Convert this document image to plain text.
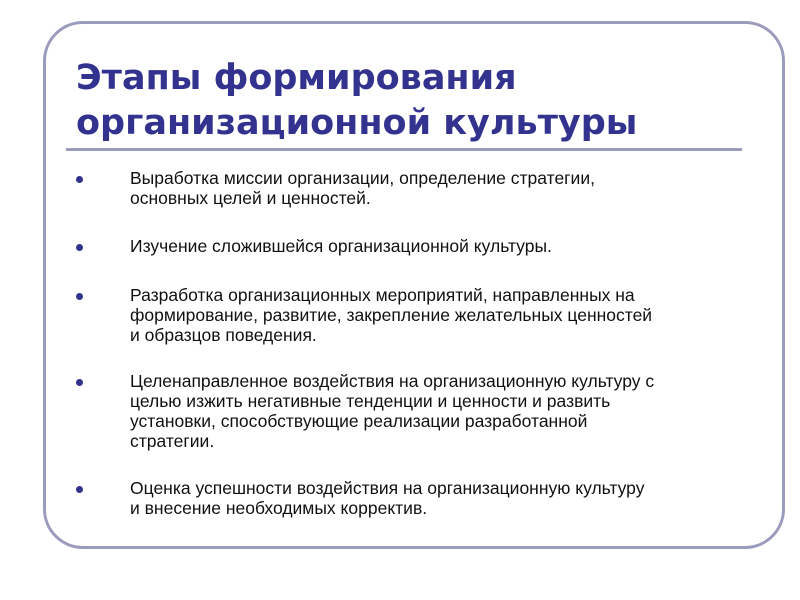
Этапы формирования
организационной культуры
Выработка миссии организации, определение стратегии,
основных целей и ценностей.
Изучение сложившейся организационной культуры.
Разработка организационных мероприятий, направленных на
формирование, развитие, закрепление желательных ценностей
и образцов поведения.
Целенаправленное воздействия на организационную культуру с
целью изжить негативные тенденции и ценности и развить
установки, способствующие реализации разработанной
стратегии.
Оценка успешности воздействия на организационную культуру
и внесение необходимых корректив.
